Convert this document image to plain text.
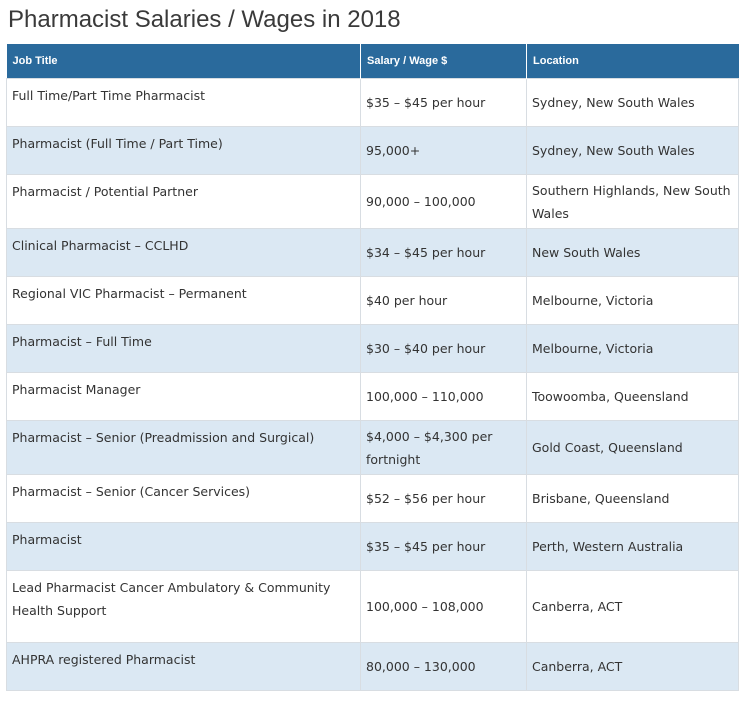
Pharmacist Salaries / Wages in 2018
Job Title	Salary / Wage $	Location
Full Time/Part Time Pharmacist	$35 – $45 per hour	Sydney, New South Wales
Pharmacist (Full Time / Part Time)	95,000+	Sydney, New South Wales
Pharmacist / Potential Partner	90,000 – 100,000	Southern Highlands, New South Wales
Clinical Pharmacist – CCLHD	$34 – $45 per hour	New South Wales
Regional VIC Pharmacist – Permanent	$40 per hour	Melbourne, Victoria
Pharmacist – Full Time	$30 – $40 per hour	Melbourne, Victoria
Pharmacist Manager	100,000 – 110,000	Toowoomba, Queensland
Pharmacist – Senior (Preadmission and Surgical)	$4,000 – $4,300 per fortnight	Gold Coast, Queensland
Pharmacist – Senior (Cancer Services)	$52 – $56 per hour	Brisbane, Queensland
Pharmacist	$35 – $45 per hour	Perth, Western Australia
Lead Pharmacist Cancer Ambulatory & Community Health Support	100,000 – 108,000	Canberra, ACT
AHPRA registered Pharmacist	80,000 – 130,000	Canberra, ACT
